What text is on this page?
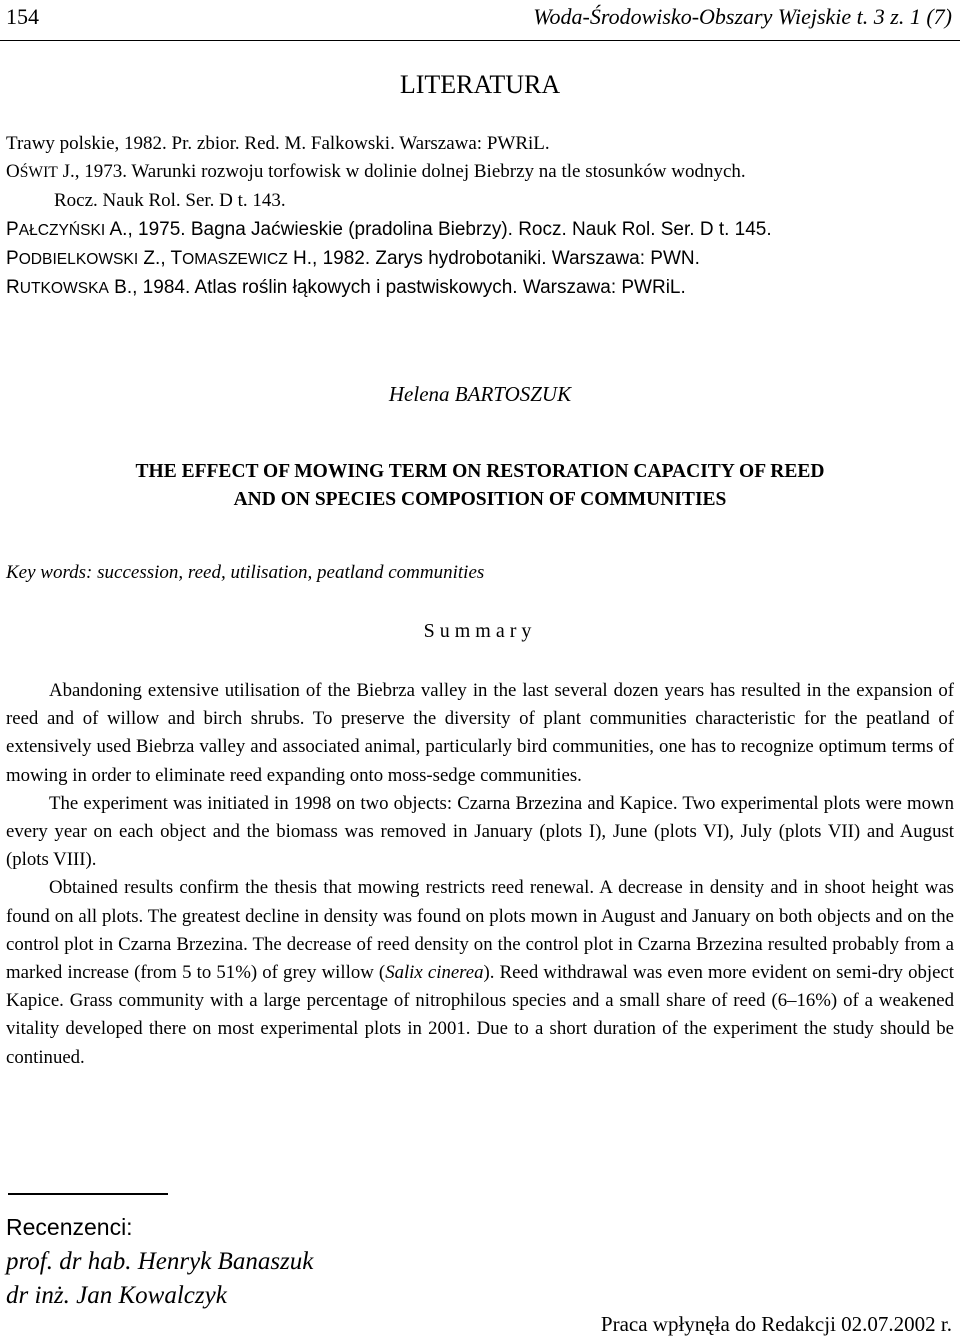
154	Woda-Środowisko-Obszary Wiejskie t. 3 z. 1 (7)
LITERATURA

Trawy polskie, 1982. Pr. zbior. Red. M. Falkowski. Warszawa: PWRiL.

OŚWIT J., 1973. Warunki rozwoju torfowisk w dolinie dolnej Biebrzy na tle stosunków wodnych.
Rocz. Nauk Rol. Ser. D t. 143.

PAŁCZYŃSKI A., 1975. Bagna Jaćwieskie (pradolina Biebrzy). Rocz. Nauk Rol. Ser. D t. 145.

PODBIELKOWSKI Z., TOMASZEWICZ H., 1982. Zarys hydrobotaniki. Warszawa: PWN.

RUTKOWSKA B., 1984. Atlas roślin łąkowych i pastwiskowych. Warszawa: PWRiL.

Helena BARTOSZUK
THE EFFECT OF MOWING TERM ON RESTORATION CAPACITY OF REED
AND ON SPECIES COMPOSITION OF COMMUNITIES
Key words: succession, reed, utilisation, peatland communities
Summary

Abandoning extensive utilisation of the Biebrza valley in the last several dozen years has resulted in the expansion of reed and of willow and birch shrubs. To preserve the diversity of plant communities characteristic for the peatland of extensively used Biebrza valley and associated animal, particularly bird communities, one has to recognize optimum terms of mowing in order to eliminate reed expanding onto moss-sedge communities.

The experiment was initiated in 1998 on two objects: Czarna Brzezina and Kapice. Two experimental plots were mown every year on each object and the biomass was removed in January (plots I), June (plots VI), July (plots VII) and August (plots VIII).

Obtained results confirm the thesis that mowing restricts reed renewal. A decrease in density and in shoot height was found on all plots. The greatest decline in density was found on plots mown in August and January on both objects and on the control plot in Czarna Brzezina. The decrease of reed density on the control plot in Czarna Brzezina resulted probably from a marked increase (from 5 to 51%) of grey willow (Salix cinerea). Reed withdrawal was even more evident on semi-dry object Kapice. Grass community with a large percentage of nitrophilous species and a small share of reed (6–16%) of a weakened vitality developed there on most experimental plots in 2001. Due to a short duration of the experiment the study should be continued.

Recenzenci:
prof. dr hab. Henryk Banaszuk
dr inż. Jan Kowalczyk
Praca wpłynęła do Redakcji 02.07.2002 r.
